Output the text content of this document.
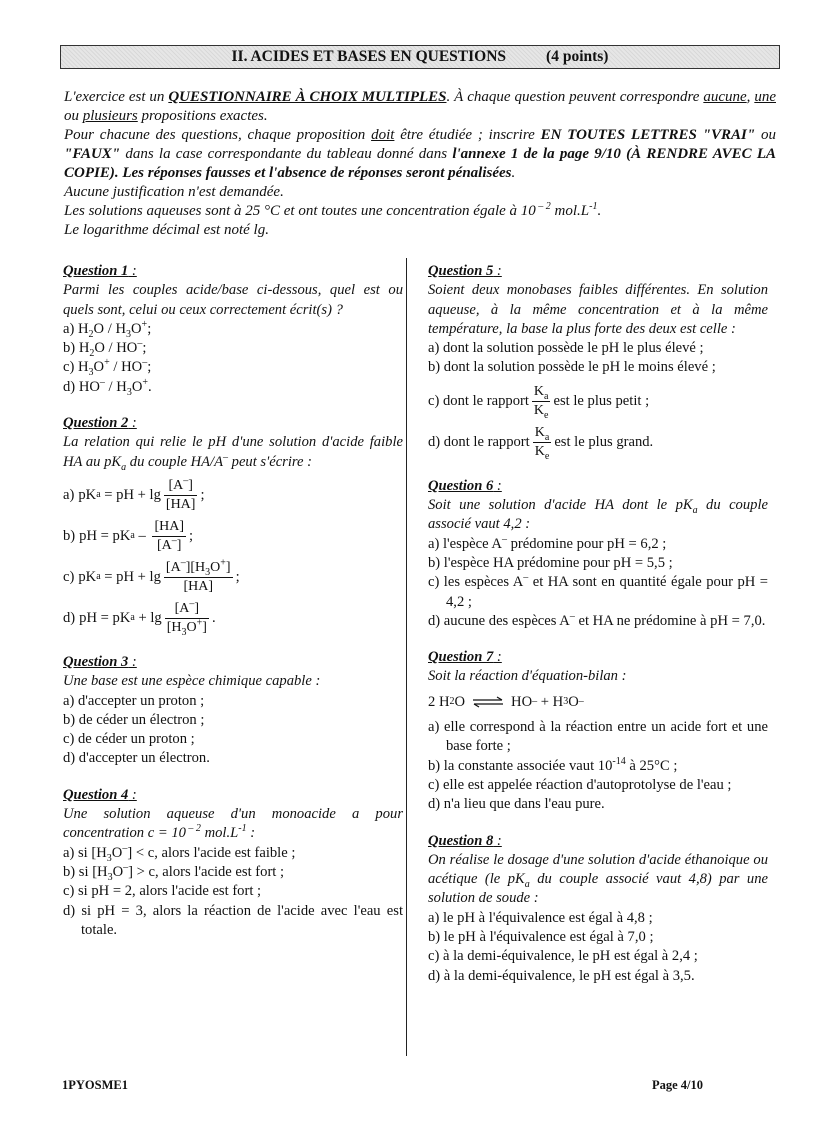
II. ACIDES ET BASES EN QUESTIONS	(4 points)

L'exercice est un QUESTIONNAIRE À CHOIX MULTIPLES. À chaque question peuvent correspondre aucune, une ou plusieurs propositions exactes.

Pour chacune des questions, chaque proposition doit être étudiée ; inscrire EN TOUTES LETTRES "VRAI" ou "FAUX" dans la case correspondante du tableau donné dans l'annexe 1 de la page 9/10 (À RENDRE AVEC LA COPIE). Les réponses fausses et l'absence de réponses seront pénalisées.

Aucune justification n'est demandée.

Les solutions aqueuses sont à 25 °C et ont toutes une concentration égale à 10 $^{- 2}$ $mol.L^{-1}$.

Le logarithme décimal est noté lg.

Question 1 :

Parmi les couples acide/base ci-dessous, quel est ou quels sont, celui ou ceux correctement écrit(s) ?

a) $H_2O / H_3O^+$;

b) $H_2O / HO^-$;

c) $H_3O^+ / HO^-$;

d) $HO^- / H_3O^+$.

Question 2 :

La relation qui relie le pH d'une solution d'acide faible HA au $pK_a$ du couple HA/A– peut s'écrire :

a) pK a = pH + $\lg \frac{[A^-]}{[HA]}$ ;
b) pH = pK a – $\frac{[HA]}{[A^-]}$ ;
c) pK a = pH + $\lg \frac{[A^-][H_3O^+]}{[HA]}$ ;
d) pH = pK $a + \lg \frac{[A^-]}{[H_3O^+]}$ .

Question 3 :

Une base est une espèce chimique capable :

a) d'accepter un proton ;

b) de céder un électron ;

c) de céder un proton ;

d) d'accepter un électron.

Question 4 :

Une solution aqueuse d'un monoacide a pour concentration c = 10 $^{- 2}$ $mol.L^{-1}$ :

a) si $[H_3O^-] < c$, alors l'acide est faible ;

b) si $[H_3O^-] > c$, alors l'acide est fort ;

c) si pH = 2, alors l'acide est fort ;

d) si pH = 3, alors la réaction de l'acide avec l'eau est totale.

Question 5 :

Soient deux monobases faibles différentes. En solution aqueuse, à la même concentration et à la même température, la base la plus forte des deux est celle :

a) dont la solution possède le pH le plus élevé ;

b) dont la solution possède le pH le moins élevé ;

c) dont le rapport $\frac{K_a}{K_e}$ est le plus petit ;
d) dont le rapport $\frac{K_a}{K_e}$ est le plus grand.

Question 6 :

Soit une solution d'acide HA dont le $pK_a$ du couple associé vaut 4,2 :

a) l'espèce A– prédomine pour pH = 6,2 ;

b) l'espèce HA prédomine pour pH = 5,5 ;

c) les espèces A– et HA sont en quantité égale pour pH = 4,2 ;

d) aucune des espèces A– et HA ne prédomine à pH = 7,0.

Question 7 :

Soit la réaction d'équation-bilan :

2 H 2 O ⇌ HO – + H 3 O –

a) elle correspond à la réaction entre un acide fort et une base forte ;

b) la constante associée vaut $10^{-14}$ à 25°C ;

c) elle est appelée réaction d'autoprotolyse de l'eau ;

d) n'a lieu que dans l'eau pure.

Question 8 :

On réalise le dosage d'une solution d'acide éthanoique ou acétique (le $pK_a$ du couple associé vaut 4,8) par une solution de soude :

a) le pH à l'équivalence est égal à 4,8 ;

b) le pH à l'équivalence est égal à 7,0 ;

c) à la demi-équivalence, le pH est égal à 2,4 ;

d) à la demi-équivalence, le pH est égal à 3,5.

1PYOSME1	Page 4/10
